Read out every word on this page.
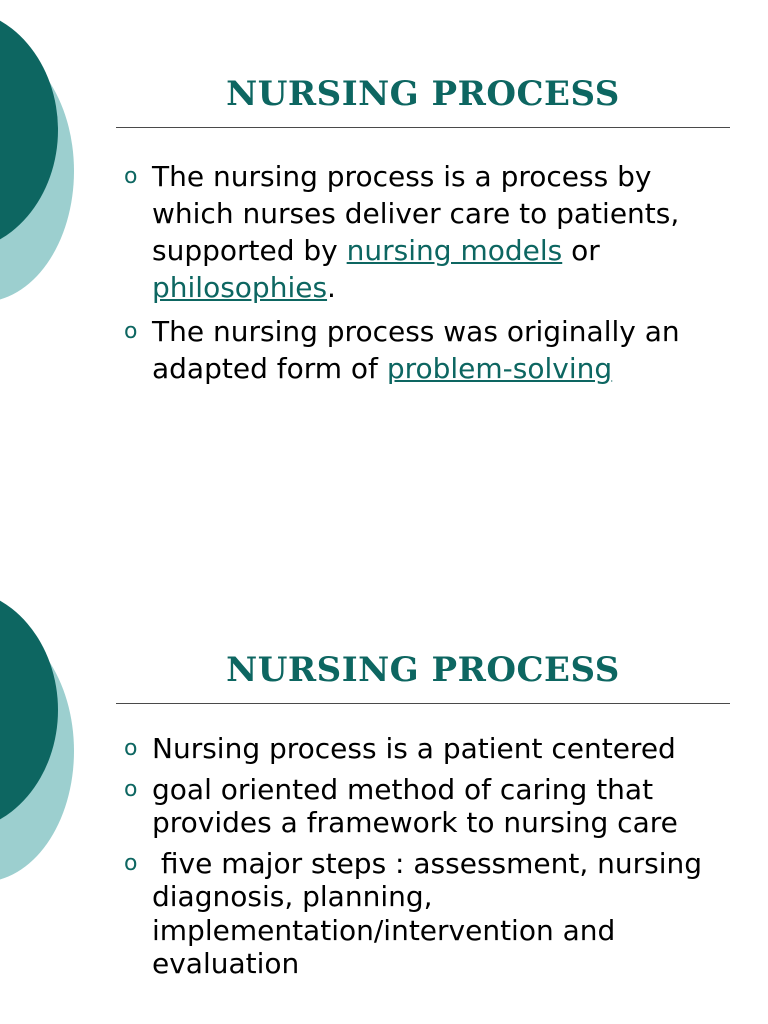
NURSING PROCESS
o The nursing process is a process by which nurses deliver care to patients, supported by nursing models or philosophies.
o The nursing process was originally an adapted form of problem-solving
NURSING PROCESS
o Nursing process is a patient centered
o goal oriented method of caring that provides a framework to nursing care
o five major steps : assessment, nursing diagnosis, planning, implementation/intervention and evaluation
